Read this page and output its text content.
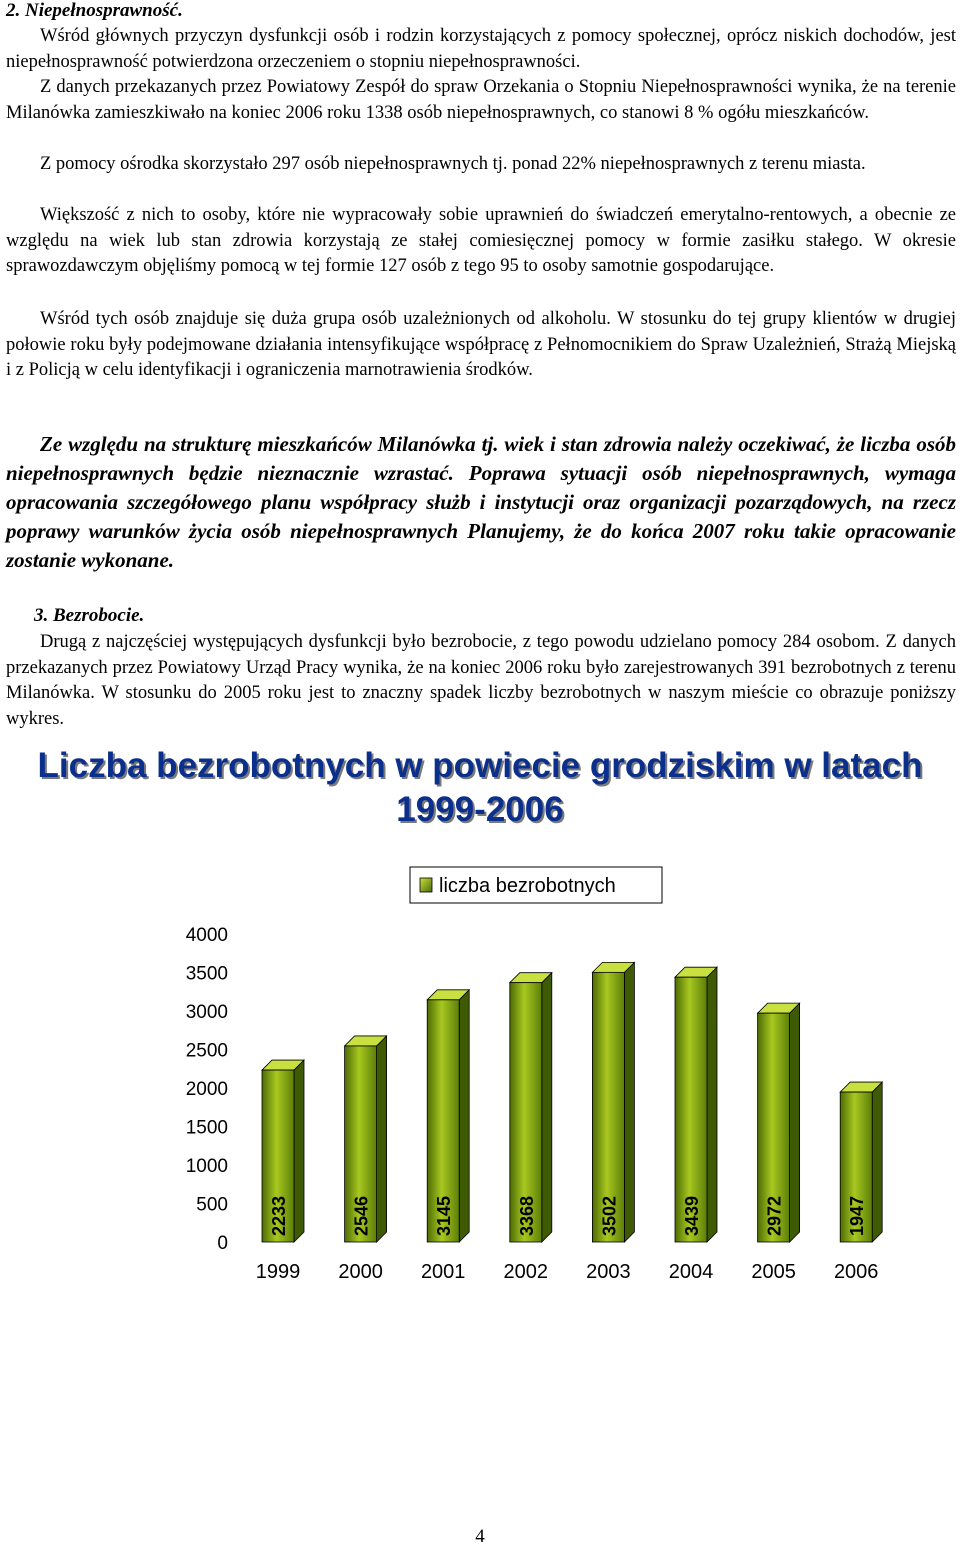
2. Niepełnosprawność.

Wśród głównych przyczyn dysfunkcji osób i rodzin korzystających z pomocy społecznej, oprócz niskich dochodów, jest niepełnosprawność potwierdzona orzeczeniem o stopniu niepełnosprawności.

Z danych przekazanych przez Powiatowy Zespół do spraw Orzekania o Stopniu Niepełnosprawności wynika, że na terenie Milanówka zamieszkiwało na koniec 2006 roku 1338 osób niepełnosprawnych, co stanowi 8 % ogółu mieszkańców.

Z pomocy ośrodka skorzystało 297 osób niepełnosprawnych tj. ponad 22% niepełnosprawnych z terenu miasta.

Większość z nich to osoby, które nie wypracowały sobie uprawnień do świadczeń emerytalno-rentowych, a obecnie ze względu na wiek lub stan zdrowia korzystają ze stałej comiesięcznej pomocy w formie zasiłku stałego. W okresie sprawozdawczym objęliśmy pomocą w tej formie 127 osób z tego 95 to osoby samotnie gospodarujące.

Wśród tych osób znajduje się duża grupa osób uzależnionych od alkoholu. W stosunku do tej grupy klientów w drugiej połowie roku były podejmowane działania intensyfikujące współpracę z Pełnomocnikiem do Spraw Uzależnień, Strażą Miejską i z Policją w celu identyfikacji i ograniczenia marnotrawienia środków.

Ze względu na strukturę mieszkańców Milanówka tj. wiek i stan zdrowia należy oczekiwać, że liczba osób niepełnosprawnych będzie nieznacznie wzrastać. Poprawa sytuacji osób niepełnosprawnych, wymaga opracowania szczegółowego planu współpracy służb i instytucji oraz organizacji pozarządowych, na rzecz poprawy warunków życia osób niepełnosprawnych Planujemy, że do końca 2007 roku takie opracowanie zostanie wykonane.

3. Bezrobocie.

Drugą z najczęściej występujących dysfunkcji było bezrobocie, z tego powodu udzielano pomocy 284 osobom. Z danych przekazanych przez Powiatowy Urząd Pracy wynika, że na koniec 2006 roku było zarejestrowanych 391 bezrobotnych z terenu Milanówka. W stosunku do 2005 roku jest to znaczny spadek liczby bezrobotnych w naszym mieście co obrazuje poniższy wykres.

Liczba bezrobotnych w powiecie grodziskim w latach 1999-2006

liczba bezrobotnych
0
500
1000
1500
2000
2500
3000
3500
4000
2233	2546	3145	3368	3502	3439	2972	1947
1999 2000 2001 2002 2003 2004 2005 2006
4
